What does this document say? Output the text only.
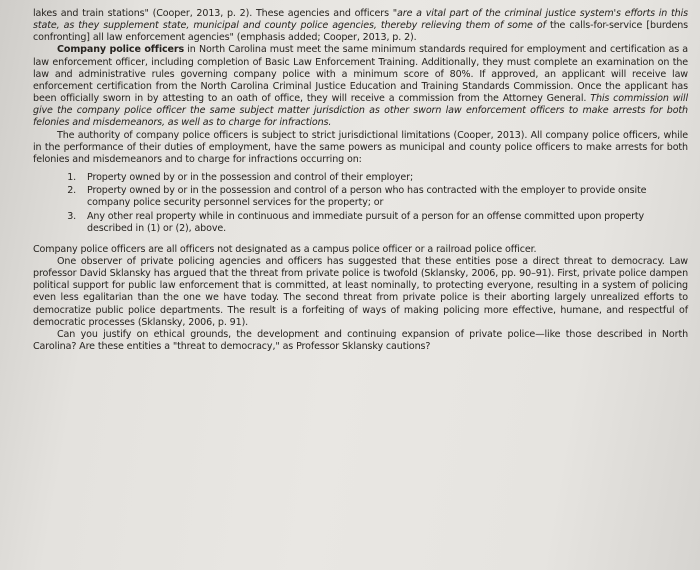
lakes and train stations" (Cooper, 2013, p. 2). These agencies and officers "are a vital part of the criminal justice system's efforts in this state, as they supplement state, municipal and county police agencies, thereby relieving them of some of the calls-for-service [burdens confronting] all law enforcement agencies" (emphasis added; Cooper, 2013, p. 2).

Company police officers in North Carolina must meet the same minimum standards required for employment and certification as a law enforcement officer, including completion of Basic Law Enforcement Training. Additionally, they must complete an examination on the law and administrative rules governing company police with a minimum score of 80%. If approved, an applicant will receive law enforcement certification from the North Carolina Criminal Justice Education and Training Standards Commission. Once the applicant has been officially sworn in by attesting to an oath of office, they will receive a commission from the Attorney General. This commission will give the company police officer the same subject matter jurisdiction as other sworn law enforcement officers to make arrests for both felonies and misdemeanors, as well as to charge for infractions.

The authority of company police officers is subject to strict jurisdictional limitations (Cooper, 2013). All company police officers, while in the performance of their duties of employment, have the same powers as municipal and county police officers to make arrests for both felonies and misdemeanors and to charge for infractions occurring on:

1. Property owned by or in the possession and control of their employer;
2. Property owned by or in the possession and control of a person who has contracted with the employer to provide onsite company police security personnel services for the property; or
3. Any other real property while in continuous and immediate pursuit of a person for an offense committed upon property described in (1) or (2), above.

Company police officers are all officers not designated as a campus police officer or a railroad police officer.

One observer of private policing agencies and officers has suggested that these entities pose a direct threat to democracy. Law professor David Sklansky has argued that the threat from private police is twofold (Sklansky, 2006, pp. 90–91). First, private police dampen political support for public law enforcement that is committed, at least nominally, to protecting everyone, resulting in a system of policing even less egalitarian than the one we have today. The second threat from private police is their aborting largely unrealized efforts to democratize public police departments. The result is a forfeiting of ways of making policing more effective, humane, and respectful of democratic processes (Sklansky, 2006, p. 91).

Can you justify on ethical grounds, the development and continuing expansion of private police—like those described in North Carolina? Are these entities a "threat to democracy," as Professor Sklansky cautions?
